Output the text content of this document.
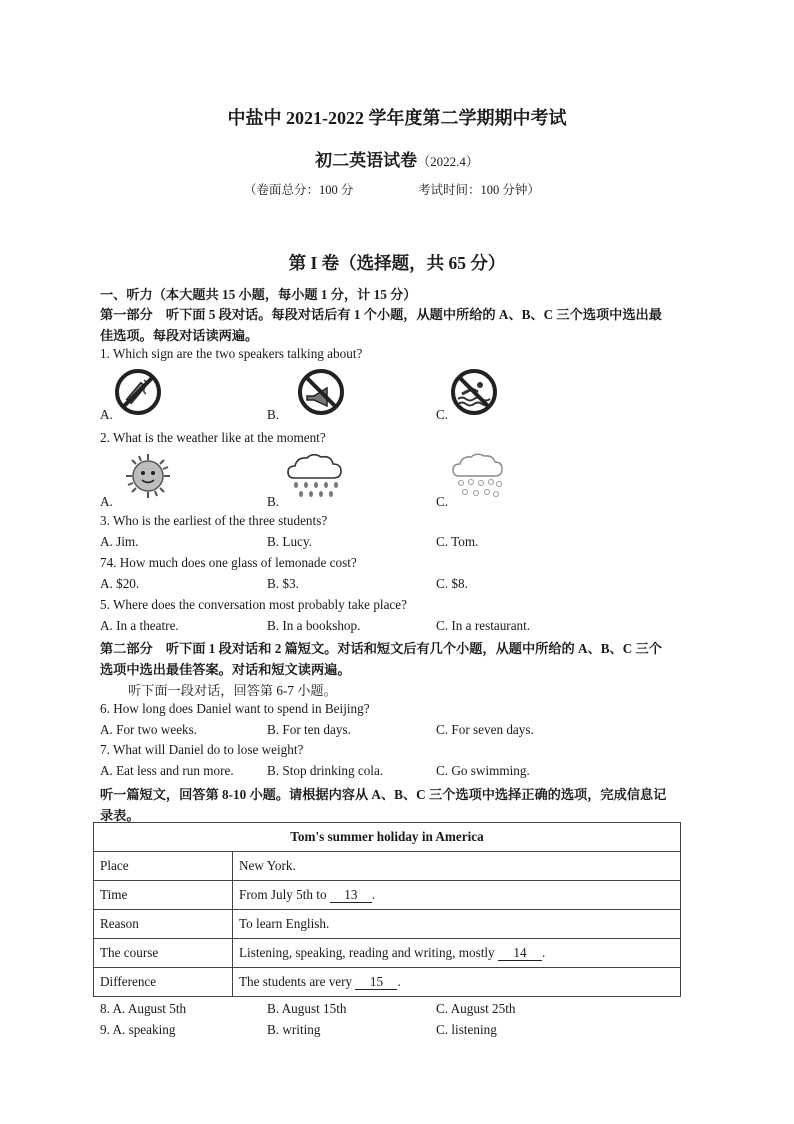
中盐中 2021-2022 学年度第二学期期中考试
初二英语试卷（2022.4）
（卷面总分：100 分	考试时间：100 分钟）
第 I 卷（选择题，共 65 分）
一、听力（本大题共 15 小题，每小题 1 分，计 15 分）
第一部分　听下面 5 段对话。每段对话后有 1 个小题，从题中所给的 A、B、C 三个选项中选出最
佳选项。每段对话读两遍。
1. Which sign are the two speakers talking about?
A.	B.	C.
2. What is the weather like at the moment?
A.	B.	C.
3. Who is the earliest of the three students?
A. Jim.	B. Lucy.	C. Tom.
74. How much does one glass of lemonade cost?
A. $20.	B. $3.	C. $8.
5. Where does the conversation most probably take place?
A. In a theatre.	B. In a bookshop.	C. In a restaurant.
第二部分　听下面 1 段对话和 2 篇短文。对话和短文后有几个小题，从题中所给的 A、B、C 三个
选项中选出最佳答案。对话和短文读两遍。
听下面一段对话，回答第 6-7 小题。
6. How long does Daniel want to spend in Beijing?
A. For two weeks.	B. For ten days.	C. For seven days.
7. What will Daniel do to lose weight?
A. Eat less and run more.	B. Stop drinking cola.	C. Go swimming.
听一篇短文，回答第 8-10 小题。请根据内容从 A、B、C 三个选项中选择正确的选项，完成信息记
录表。
Tom's summer holiday in America	
Place	New York.
Time	From July 5th to 13 .
Reason	To learn English.
The course	Listening, speaking, reading and writing, mostly 14 .
Difference	The students are very 15 .
8. A. August 5th	B. August 15th	C. August 25th
9. A. speaking	B. writing	C. listening
